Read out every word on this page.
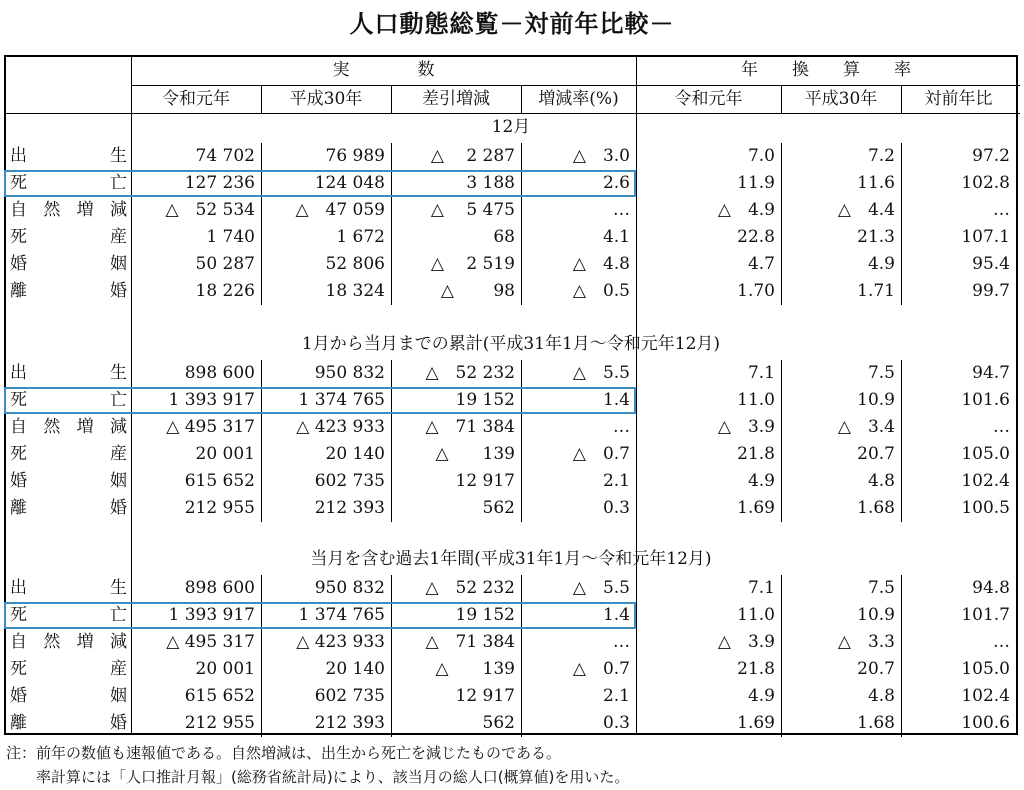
人口動態総覧－対前年比較－
実　　　　数	年　　換　　算　　率
令和元年	平成30年	差引増減	増減率(%)	令和元年	平成30年	対前年比
12月
出	生	74 702	76 989	△　 2 287	△　3.0	7.0	7.2	97.2
死	亡	127 236	124 048	3 188	2.6	11.9	11.6	102.8
自 然 増 減	△　52 534	△　47 059	△　 5 475	…	△　4.9	△　4.4	…
死	産	1 740	1 672	68	4.1	22.8	21.3	107.1
婚	姻	50 287	52 806	△　 2 519	△　4.8	4.7	4.9	95.4
離	婚	18 226	18 324	△　　 98	△　0.5	1.70	1.71	99.7
1月から当月までの累計(平成31年1月～令和元年12月)
出	生	898 600	950 832	△　52 232	△　5.5	7.1	7.5	94.7
死	亡	1 393 917	1 374 765	19 152	1.4	11.0	10.9	101.6
自 然 増 減	△ 495 317	△ 423 933	△　71 384	…	△　3.9	△　3.4	…
死	産	20 001	20 140	△　　139	△　0.7	21.8	20.7	105.0
婚	姻	615 652	602 735	12 917	2.1	4.9	4.8	102.4
離	婚	212 955	212 393	562	0.3	1.69	1.68	100.5
当月を含む過去1年間(平成31年1月～令和元年12月)
出	生	898 600	950 832	△　52 232	△　5.5	7.1	7.5	94.8
死	亡	1 393 917	1 374 765	19 152	1.4	11.0	10.9	101.7
自 然 増 減	△ 495 317	△ 423 933	△　71 384	…	△　3.9	△　3.3	…
死	産	20 001	20 140	△　　139	△　0.7	21.8	20.7	105.0
婚	姻	615 652	602 735	12 917	2.1	4.9	4.8	102.4
離	婚	212 955	212 393	562	0.3	1.69	1.68	100.6
注：前年の数値も速報値である。自然増減は、出生から死亡を減じたものである。
　　率計算には「人口推計月報」(総務省統計局)により、該当月の総人口(概算値)を用いた。
